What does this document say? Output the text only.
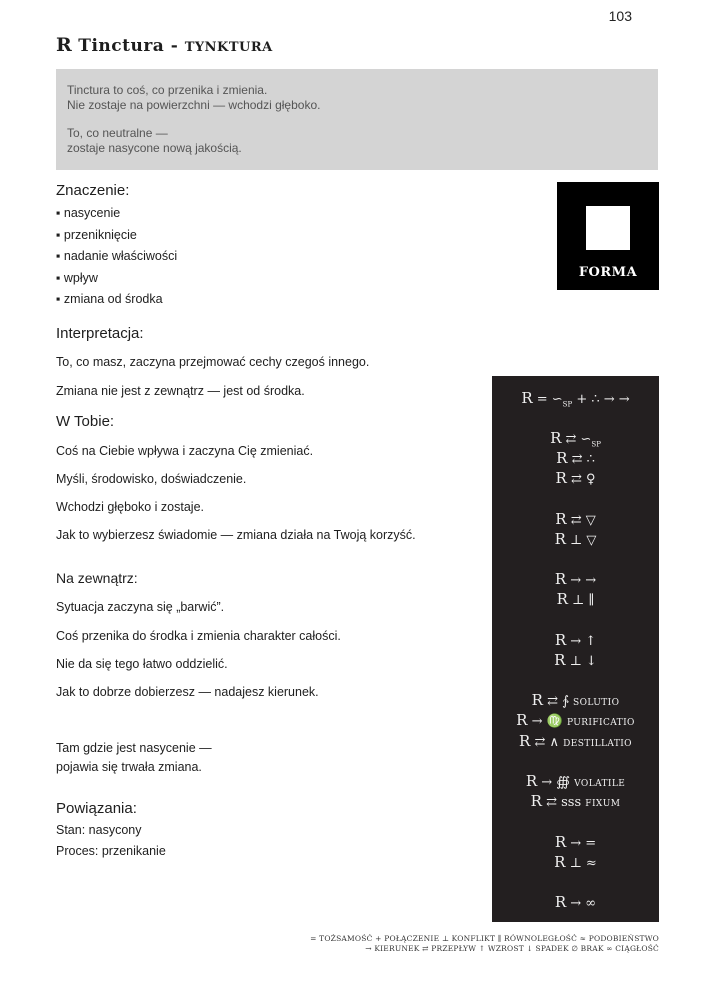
103
R Tinctura - TYNKTURA

Tinctura to coś, co przenika i zmienia.

Nie zostaje na powierzchni — wchodzi głęboko.

To, co neutralne —

zostaje nasycone nową jakością.

FORMA
Znaczenie:
▪ nasycenie
▪ przeniknięcie
▪ nadanie właściwości
▪ wpływ
▪ zmiana od środka
Interpretacja:
To, co masz, zaczyna przejmować cechy czegoś innego.
Zmiana nie jest z zewnątrz — jest od środka.
W Tobie:
Coś na Ciebie wpływa i zaczyna Cię zmieniać.
Myśli, środowisko, doświadczenie.
Wchodzi głęboko i zostaje.
Jak to wybierzesz świadomie — zmiana działa na Twoją korzyść.
Na zewnątrz:
Sytuacja zaczyna się „barwić”.
Coś przenika do środka i zmienia charakter całości.
Nie da się tego łatwo oddzielić.
Jak to dobrze dobierzesz — nadajesz kierunek.
Tam gdzie jest nasycenie —
pojawia się trwała zmiana.
Powiązania:
Stan: nasycony
Proces: przenikanie
$R = ∽_{SP}$ + ∴ → →
R ⇄ $∽_{SP}$
R ⇄ ∴
R ⇄ ♀
R ⇄ ▽
R ⊥ ▽
R → →
R ⊥ ∥
R → ↑
R ⊥ ↓
R ⇄ ∱ SOLUTIO
R → ♍ PURIFICATIO
R ⇄ ∧ DESTILLATIO
R → ∰ VOLATILE
R ⇄ sss FIXUM
R → =
R ⊥ ≈
R → ∞
= TOŻSAMOŚĆ + POŁĄCZENIE ⊥ KONFLIKT ∥ RÓWNOLEGŁOŚĆ ≈ PODOBIEŃSTWO
→ KIERUNEK ⇄ PRZEPŁYW ↑ WZROST ↓ SPADEK ∅ BRAK ∞ CIĄGŁOŚĆ
